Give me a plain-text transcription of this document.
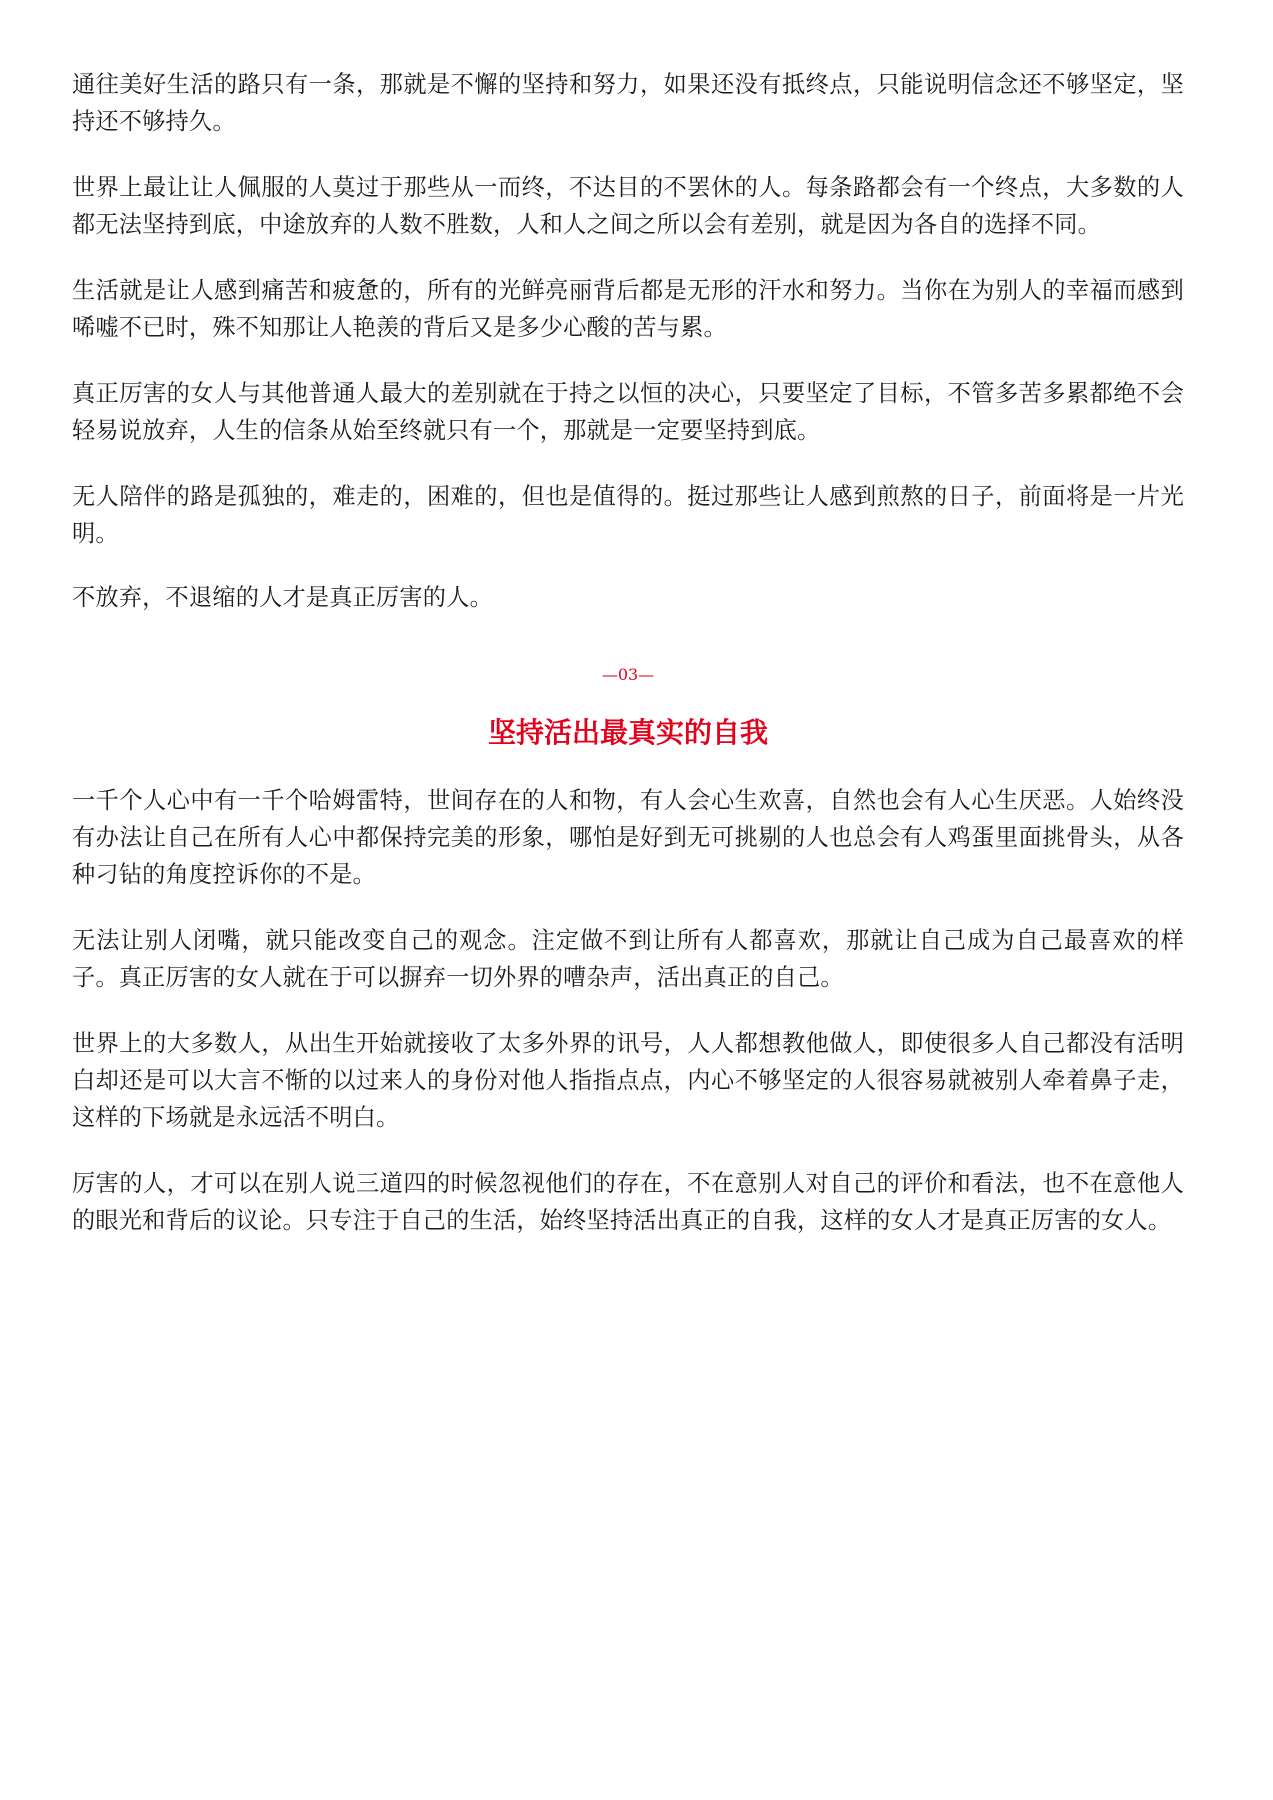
通往美好生活的路只有一条，那就是不懈的坚持和努力，如果还没有抵终点，只能说明信念还不够坚定，坚持还不够持久。

世界上最让让人佩服的人莫过于那些从一而终，不达目的不罢休的人。每条路都会有一个终点，大多数的人都无法坚持到底，中途放弃的人数不胜数，人和人之间之所以会有差别，就是因为各自的选择不同。

生活就是让人感到痛苦和疲惫的，所有的光鲜亮丽背后都是无形的汗水和努力。当你在为别人的幸福而感到唏嘘不已时，殊不知那让人艳羡的背后又是多少心酸的苦与累。

真正厉害的女人与其他普通人最大的差别就在于持之以恒的决心，只要坚定了目标，不管多苦多累都绝不会轻易说放弃，人生的信条从始至终就只有一个，那就是一定要坚持到底。

无人陪伴的路是孤独的，难走的，困难的，但也是值得的。挺过那些让人感到煎熬的日子，前面将是一片光明。

不放弃，不退缩的人才是真正厉害的人。

—03—
坚持活出最真实的自我

一千个人心中有一千个哈姆雷特，世间存在的人和物，有人会心生欢喜，自然也会有人心生厌恶。人始终没有办法让自己在所有人心中都保持完美的形象，哪怕是好到无可挑剔的人也总会有人鸡蛋里面挑骨头，从各种刁钻的角度控诉你的不是。

无法让别人闭嘴，就只能改变自己的观念。注定做不到让所有人都喜欢，那就让自己成为自己最喜欢的样子。真正厉害的女人就在于可以摒弃一切外界的嘈杂声，活出真正的自己。

世界上的大多数人，从出生开始就接收了太多外界的讯号，人人都想教他做人，即使很多人自己都没有活明白却还是可以大言不惭的以过来人的身份对他人指指点点，内心不够坚定的人很容易就被别人牵着鼻子走，这样的下场就是永远活不明白。

厉害的人，才可以在别人说三道四的时候忽视他们的存在，不在意别人对自己的评价和看法，也不在意他人的眼光和背后的议论。只专注于自己的生活，始终坚持活出真正的自我，这样的女人才是真正厉害的女人。
